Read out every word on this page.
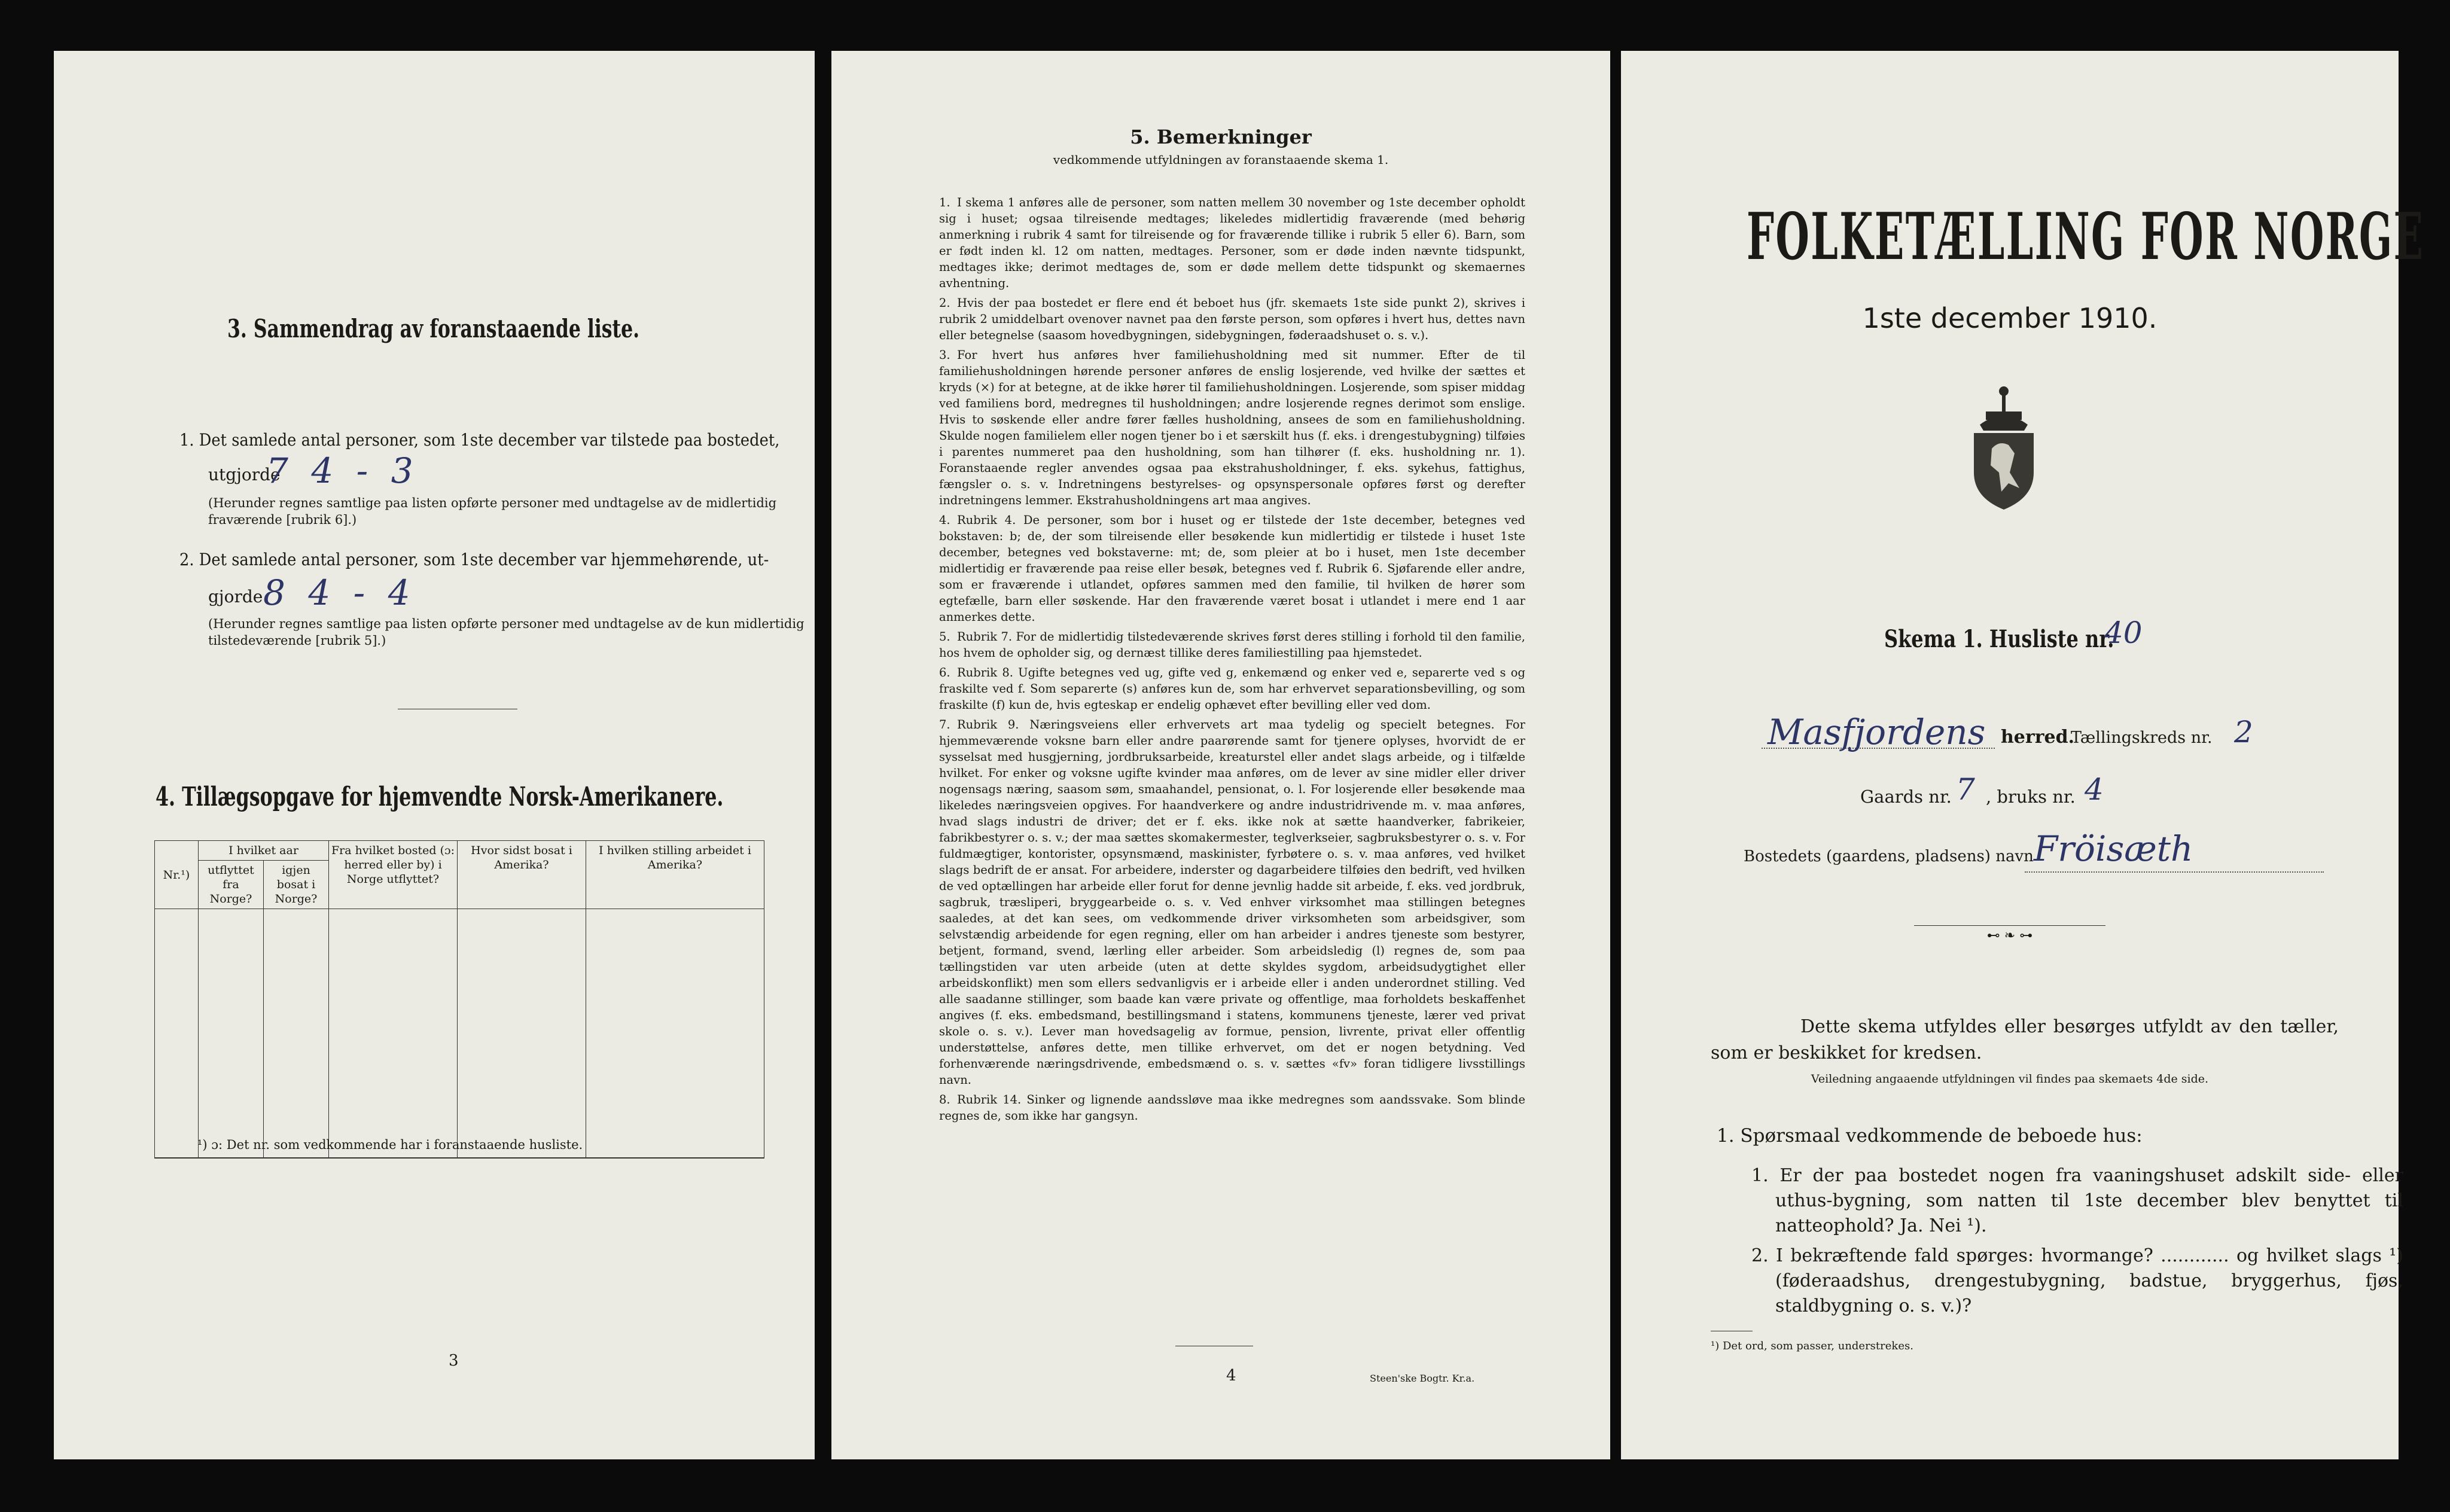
3. Sammendrag av foranstaaende liste.
1. Det samlede antal personer, som 1ste december var tilstede paa bostedet,
utgjorde
7 4 - 3
(Herunder regnes samtlige paa listen opførte personer med undtagelse av de midlertidig fraværende [rubrik 6].)
2. Det samlede antal personer, som 1ste december var hjemmehørende, ut-
gjorde 8 4 - 4
(Herunder regnes samtlige paa listen opførte personer med undtagelse av de kun midlertidig tilstedeværende [rubrik 5].)
4. Tillægsopgave for hjemvendte Norsk-Amerikanere.
Nr.¹)	I hvilket aar		Fra hvilket bosted (ɔ: herred eller by) i Norge utflyttet?	Hvor sidst bosat i Amerika?	I hvilken stilling arbeidet i Amerika?
	utflyttet fra Norge?	igjen bosat i Norge?			

¹) ɔ: Det nr. som vedkommende har i foranstaaende husliste.
3
5. Bemerkninger
vedkommende utfyldningen av foranstaaende skema 1.

1. I skema 1 anføres alle de personer, som natten mellem 30 november og 1ste december opholdt sig i huset; ogsaa tilreisende medtages; likeledes midlertidig fraværende (med behørig anmerkning i rubrik 4 samt for tilreisende og for fraværende tillike i rubrik 5 eller 6). Barn, som er født inden kl. 12 om natten, medtages. Personer, som er døde inden nævnte tidspunkt, medtages ikke; derimot medtages de, som er døde mellem dette tidspunkt og skemaernes avhentning.

2. Hvis der paa bostedet er flere end ét beboet hus (jfr. skemaets 1ste side punkt 2), skrives i rubrik 2 umiddelbart ovenover navnet paa den første person, som opføres i hvert hus, dettes navn eller betegnelse (saasom hovedbygningen, sidebygningen, føderaadshuset o. s. v.).

3. For hvert hus anføres hver familiehusholdning med sit nummer. Efter de til familiehusholdningen hørende personer anføres de enslig losjerende, ved hvilke der sættes et kryds (×) for at betegne, at de ikke hører til familiehusholdningen. Losjerende, som spiser middag ved familiens bord, medregnes til husholdningen; andre losjerende regnes derimot som enslige. Hvis to søskende eller andre fører fælles husholdning, ansees de som en familiehusholdning. Skulde nogen familielem eller nogen tjener bo i et særskilt hus (f. eks. i drengestubygning) tilføies i parentes nummeret paa den husholdning, som han tilhører (f. eks. husholdning nr. 1). Foranstaaende regler anvendes ogsaa paa ekstrahusholdninger, f. eks. sykehus, fattighus, fængsler o. s. v. Indretningens bestyrelses- og opsynspersonale opføres først og derefter indretningens lemmer. Ekstrahusholdningens art maa angives.

4. Rubrik 4. De personer, som bor i huset og er tilstede der 1ste december, betegnes ved bokstaven: b; de, der som tilreisende eller besøkende kun midlertidig er tilstede i huset 1ste december, betegnes ved bokstaverne: mt; de, som pleier at bo i huset, men 1ste december midlertidig er fraværende paa reise eller besøk, betegnes ved f. Rubrik 6. Sjøfarende eller andre, som er fraværende i utlandet, opføres sammen med den familie, til hvilken de hører som egtefælle, barn eller søskende. Har den fraværende været bosat i utlandet i mere end 1 aar anmerkes dette.

5. Rubrik 7. For de midlertidig tilstedeværende skrives først deres stilling i forhold til den familie, hos hvem de opholder sig, og dernæst tillike deres familiestilling paa hjemstedet.

6. Rubrik 8. Ugifte betegnes ved ug, gifte ved g, enkemænd og enker ved e, separerte ved s og fraskilte ved f. Som separerte (s) anføres kun de, som har erhvervet separationsbevilling, og som fraskilte (f) kun de, hvis egteskap er endelig ophævet efter bevilling eller ved dom.

7. Rubrik 9. Næringsveiens eller erhvervets art maa tydelig og specielt betegnes. For hjemmeværende voksne barn eller andre paarørende samt for tjenere oplyses, hvorvidt de er sysselsat med husgjerning, jordbruksarbeide, kreaturstel eller andet slags arbeide, og i tilfælde hvilket. For enker og voksne ugifte kvinder maa anføres, om de lever av sine midler eller driver nogensags næring, saasom søm, smaahandel, pensionat, o. l. For losjerende eller besøkende maa likeledes næringsveien opgives. For haandverkere og andre industridrivende m. v. maa anføres, hvad slags industri de driver; det er f. eks. ikke nok at sætte haandverker, fabrikeier, fabrikbestyrer o. s. v.; der maa sættes skomakermester, teglverkseier, sagbruksbestyrer o. s. v. For fuldmægtiger, kontorister, opsynsmænd, maskinister, fyrbøtere o. s. v. maa anføres, ved hvilket slags bedrift de er ansat. For arbeidere, inderster og dagarbeidere tilføies den bedrift, ved hvilken de ved optællingen har arbeide eller forut for denne jevnlig hadde sit arbeide, f. eks. ved jordbruk, sagbruk, træsliperi, bryggearbeide o. s. v. Ved enhver virksomhet maa stillingen betegnes saaledes, at det kan sees, om vedkommende driver virksomheten som arbeidsgiver, som selvstændig arbeidende for egen regning, eller om han arbeider i andres tjeneste som bestyrer, betjent, formand, svend, lærling eller arbeider. Som arbeidsledig (l) regnes de, som paa tællingstiden var uten arbeide (uten at dette skyldes sygdom, arbeidsudygtighet eller arbeidskonflikt) men som ellers sedvanligvis er i arbeide eller i anden underordnet stilling. Ved alle saadanne stillinger, som baade kan være private og offentlige, maa forholdets beskaffenhet angives (f. eks. embedsmand, bestillingsmand i statens, kommunens tjeneste, lærer ved privat skole o. s. v.). Lever man hovedsagelig av formue, pension, livrente, privat eller offentlig understøttelse, anføres dette, men tillike erhvervet, om det er nogen betydning. Ved forhenværende næringsdrivende, embedsmænd o. s. v. sættes «fv» foran tidligere livsstillings navn.

8. Rubrik 14. Sinker og lignende aandssløve maa ikke medregnes som aandssvake. Som blinde regnes de, som ikke har gangsyn.

4	Steen'ske Bogtr. Kr.a.
FOLKETÆLLING FOR NORGE
1ste december 1910.
Skema 1. Husliste nr.
40
Masfjordens herred.
Tællingskreds nr. 2
Gaards nr. 7 , bruks nr. 4
Bostedets (gaardens, pladsens) navn Fröisæth
⊷ ❧ ⊶
Dette skema utfyldes eller besørges utfyldt av den tæller, som er beskikket for kredsen.
Veiledning angaaende utfyldningen vil findes paa skemaets 4de side.
1. Spørsmaal vedkommende de beboede hus:
1. Er der paa bostedet nogen fra vaaningshuset adskilt side- eller uthus-bygning, som natten til 1ste december blev benyttet til natteophold? Ja. Nei ¹).
2. I bekræftende fald spørges: hvormange? ............ og hvilket slags ¹) (føderaadshus, drengestubygning, badstue, bryggerhus, fjøs, staldbygning o. s. v.)?
¹) Det ord, som passer, understrekes.
